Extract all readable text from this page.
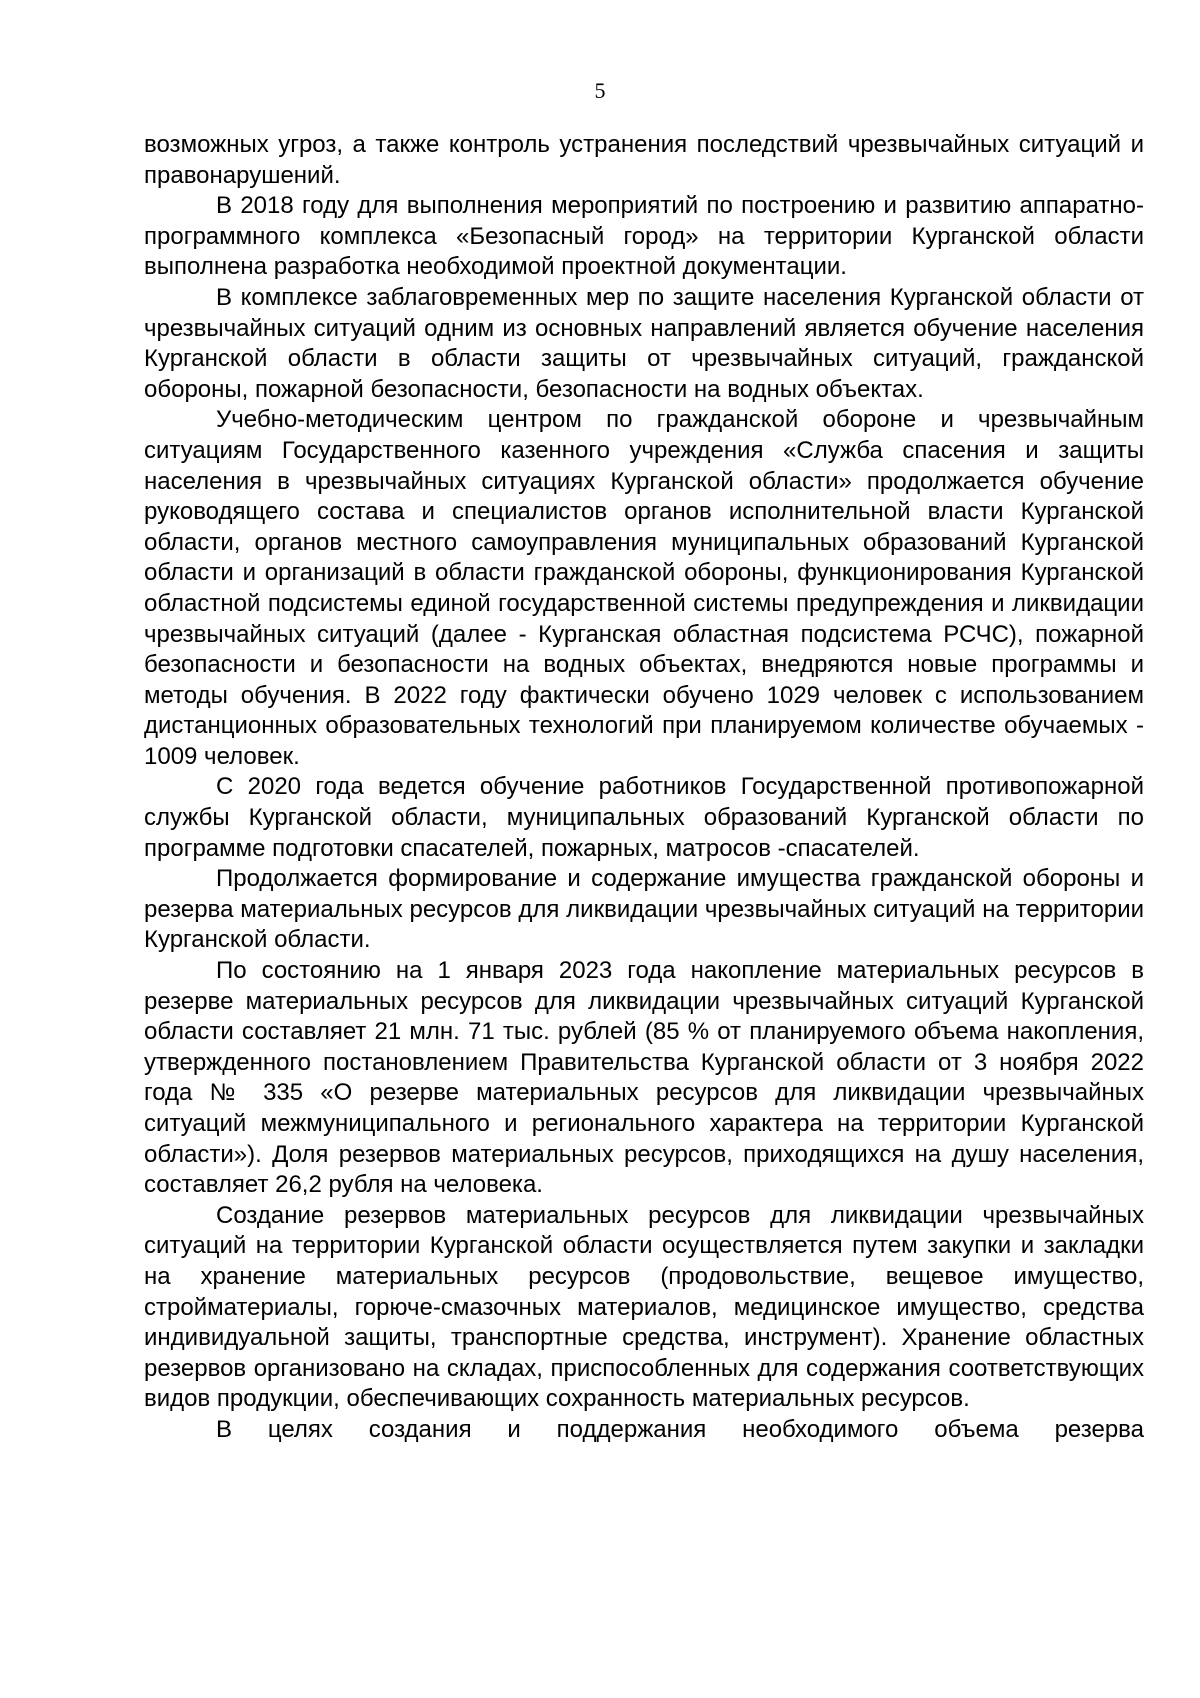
5

возможных угроз, а также контроль устранения последствий чрезвычайных ситуаций и правонарушений.

В 2018 году для выполнения мероприятий по построению и развитию аппаратно-программного комплекса «Безопасный город» на территории Курганской области выполнена разработка необходимой проектной документации.

В комплексе заблаговременных мер по защите населения Курганской области от чрезвычайных ситуаций одним из основных направлений является обучение населения Курганской области в области защиты от чрезвычайных ситуаций, гражданской обороны, пожарной безопасности, безопасности на водных объектах.

Учебно-методическим центром по гражданской обороне и чрезвычайным ситуациям Государственного казенного учреждения «Служба спасения и защиты населения в чрезвычайных ситуациях Курганской области» продолжается обучение руководящего состава и специалистов органов исполнительной власти Курганской области, органов местного самоуправления муниципальных образований Курганской области и организаций в области гражданской обороны, функционирования Курганской областной подсистемы единой государственной системы предупреждения и ликвидации чрезвычайных ситуаций (далее - Курганская областная подсистема РСЧС), пожарной безопасности и безопасности на водных объектах, внедряются новые программы и методы обучения. В 2022 году фактически обучено 1029 человек с использованием дистанционных образовательных технологий при планируемом количестве обучаемых - 1009 человек.

С 2020 года ведется обучение работников Государственной противопожарной службы Курганской области, муниципальных образований Курганской области по программе подготовки спасателей, пожарных, матросов -спасателей.

Продолжается формирование и содержание имущества гражданской обороны и резерва материальных ресурсов для ликвидации чрезвычайных ситуаций на территории Курганской области.

По состоянию на 1 января 2023 года накопление материальных ресурсов в резерве материальных ресурсов для ликвидации чрезвычайных ситуаций Курганской области составляет 21 млн. 71 тыс. рублей (85 % от планируемого объема накопления, утвержденного постановлением Правительства Курганской области от 3 ноября 2022 года № 335 «О резерве материальных ресурсов для ликвидации чрезвычайных ситуаций межмуниципального и регионального характера на территории Курганской области»). Доля резервов материальных ресурсов, приходящихся на душу населения, составляет 26,2 рубля на человека.

Создание резервов материальных ресурсов для ликвидации чрезвычайных ситуаций на территории Курганской области осуществляется путем закупки и закладки на хранение материальных ресурсов (продовольствие, вещевое имущество, стройматериалы, горюче-смазочных материалов, медицинское имущество, средства индивидуальной защиты, транспортные средства, инструмент). Хранение областных резервов организовано на складах, приспособленных для содержания соответствующих видов продукции, обеспечивающих сохранность материальных ресурсов.

В целях создания и поддержания необходимого объема резерва
